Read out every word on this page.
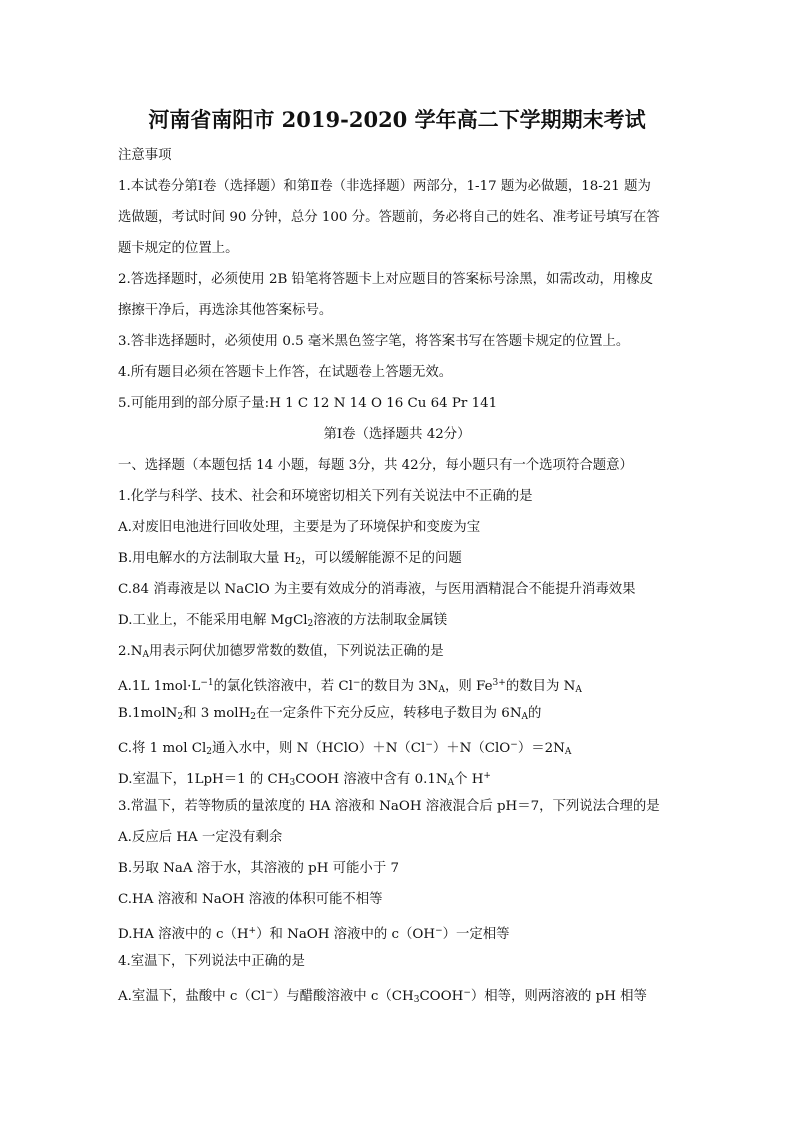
河南省南阳市 2019-2020 学年高二下学期期末考试
注意事项
1.本试卷分第Ⅰ卷（选择题）和第Ⅱ卷（非选择题）两部分，1-17 题为必做题，18-21 题为
选做题，考试时间 90 分钟，总分 100 分。答题前，务必将自己的姓名、准考证号填写在答
题卡规定的位置上。
2.答选择题时，必须使用 2B 铅笔将答题卡上对应题目的答案标号涂黑，如需改动，用橡皮
擦擦干净后，再选涂其他答案标号。
3.答非选择题时，必须使用 0.5 毫米黑色签字笔，将答案书写在答题卡规定的位置上。
4.所有题目必须在答题卡上作答，在试题卷上答题无效。
5.可能用到的部分原子量:H 1 C 12 N 14 O 16 Cu 64 Pr 141
第Ⅰ卷（选择题共 42分）
一、选择题（本题包括 14 小题，每题 3分，共 42分，每小题只有一个选项符合题意）
1.化学与科学、技术、社会和环境密切相关下列有关说法中不正确的是
A.对废旧电池进行回收处理，主要是为了环境保护和变废为宝
B.用电解水的方法制取大量 $H_2$，可以缓解能源不足的问题
C.84 消毒液是以 NaClO 为主要有效成分的消毒液，与医用酒精混合不能提升消毒效果
D.工业上，不能采用电解 MgCl$_2$溶液的方法制取金属镁
$2.N_A$用表示阿伏加德罗常数的数值，下列说法正确的是
A.1L $1mol\cdot L^{-1}$的氯化铁溶液中，若 Cl−的数目为 $3N_A$，则 $Fe^{3+}$的数目为 $N_A$
B.1molN$_2$和 3 molH$_2$在一定条件下充分反应，转移电子数目为 $6N_A$的
C.将 1 mol $Cl_2$通入水中，则 $N(HClO)+N(Cl^-)+N(ClO^-)=2N_A$
D.室温下，1LpH＝1 的 $CH_3COOH$ 溶液中含有 $0.1N_A$个 H+
3.常温下，若等物质的量浓度的 HA 溶液和 NaOH 溶液混合后 pH＝7，下列说法合理的是
A.反应后 HA 一定没有剩余
B.另取 NaA 溶于水，其溶液的 pH 可能小于 7
C.HA 溶液和 NaOH 溶液的体积可能不相等
D.HA 溶液中的 c（H+）和 NaOH 溶液中的 c（OH−）一定相等
4.室温下，下列说法中正确的是
A.室温下，盐酸中 c（Cl−）与醋酸溶液中 $c(CH_3COOH^-)$相等，则两溶液的 pH 相等
